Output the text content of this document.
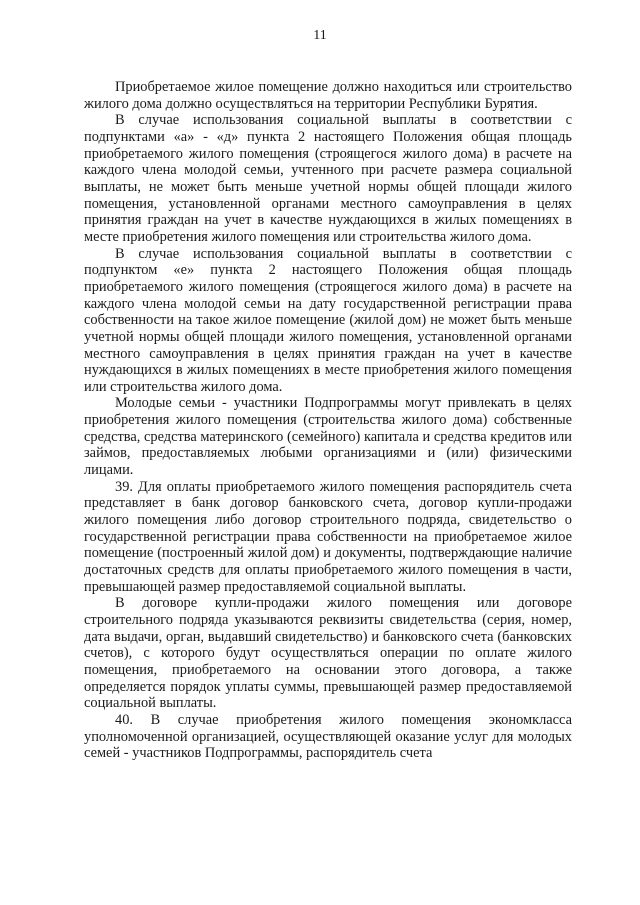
11

Приобретаемое жилое помещение должно находиться или строительство жилого дома должно осуществляться на территории Республики Бурятия.

В случае использования социальной выплаты в соответствии с подпунктами «а» - «д» пункта 2 настоящего Положения общая площадь приобретаемого жилого помещения (строящегося жилого дома) в расчете на каждого члена молодой семьи, учтенного при расчете размера социальной выплаты, не может быть меньше учетной нормы общей площади жилого помещения, установленной органами местного самоуправления в целях принятия граждан на учет в качестве нуждающихся в жилых помещениях в месте приобретения жилого помещения или строительства жилого дома.

В случае использования социальной выплаты в соответствии с подпунктом «е» пункта 2 настоящего Положения общая площадь приобретаемого жилого помещения (строящегося жилого дома) в расчете на каждого члена молодой семьи на дату государственной регистрации права собственности на такое жилое помещение (жилой дом) не может быть меньше учетной нормы общей площади жилого помещения, установленной органами местного самоуправления в целях принятия граждан на учет в качестве нуждающихся в жилых помещениях в месте приобретения жилого помещения или строительства жилого дома.

Молодые семьи - участники Подпрограммы могут привлекать в целях приобретения жилого помещения (строительства жилого дома) собственные средства, средства материнского (семейного) капитала и средства кредитов или займов, предоставляемых любыми организациями и (или) физическими лицами.

39. Для оплаты приобретаемого жилого помещения распорядитель счета представляет в банк договор банковского счета, договор купли-продажи жилого помещения либо договор строительного подряда, свидетельство о государственной регистрации права собственности на приобретаемое жилое помещение (построенный жилой дом) и документы, подтверждающие наличие достаточных средств для оплаты приобретаемого жилого помещения в части, превышающей размер предоставляемой социальной выплаты.

В договоре купли-продажи жилого помещения или договоре строительного подряда указываются реквизиты свидетельства (серия, номер, дата выдачи, орган, выдавший свидетельство) и банковского счета (банковских счетов), с которого будут осуществляться операции по оплате жилого помещения, приобретаемого на основании этого договора, а также определяется порядок уплаты суммы, превышающей размер предоставляемой социальной выплаты.

40. В случае приобретения жилого помещения экономкласса уполномоченной организацией, осуществляющей оказание услуг для молодых семей - участников Подпрограммы, распорядитель счета
